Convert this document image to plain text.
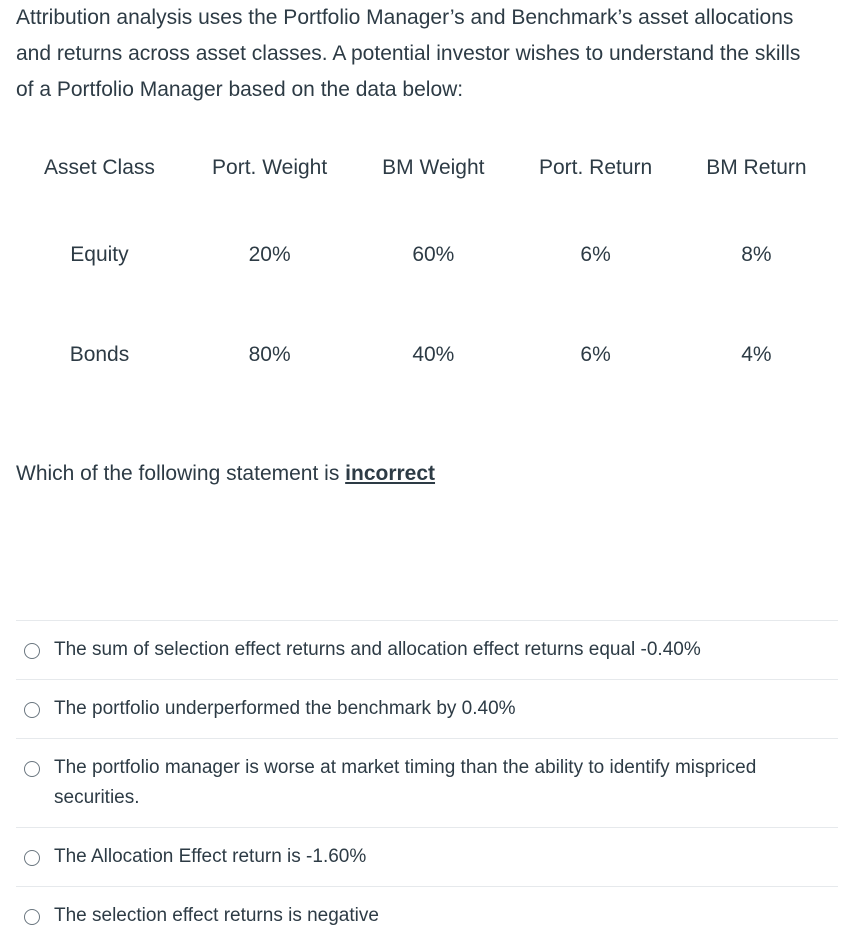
Attribution analysis uses the Portfolio Manager’s and Benchmark’s asset allocations and returns across asset classes. A potential investor wishes to understand the skills of a Portfolio Manager based on the data below:

Asset Class	Port. Weight	BM Weight	Port. Return	BM Return
Equity	20%	60%	6%	8%
Bonds	80%	40%	6%	4%

Which of the following statement is incorrect

The sum of selection effect returns and allocation effect returns equal -0.40%
The portfolio underperformed the benchmark by 0.40%
The portfolio manager is worse at market timing than the ability to identify mispriced securities.
The Allocation Effect return is -1.60%
The selection effect returns is negative
